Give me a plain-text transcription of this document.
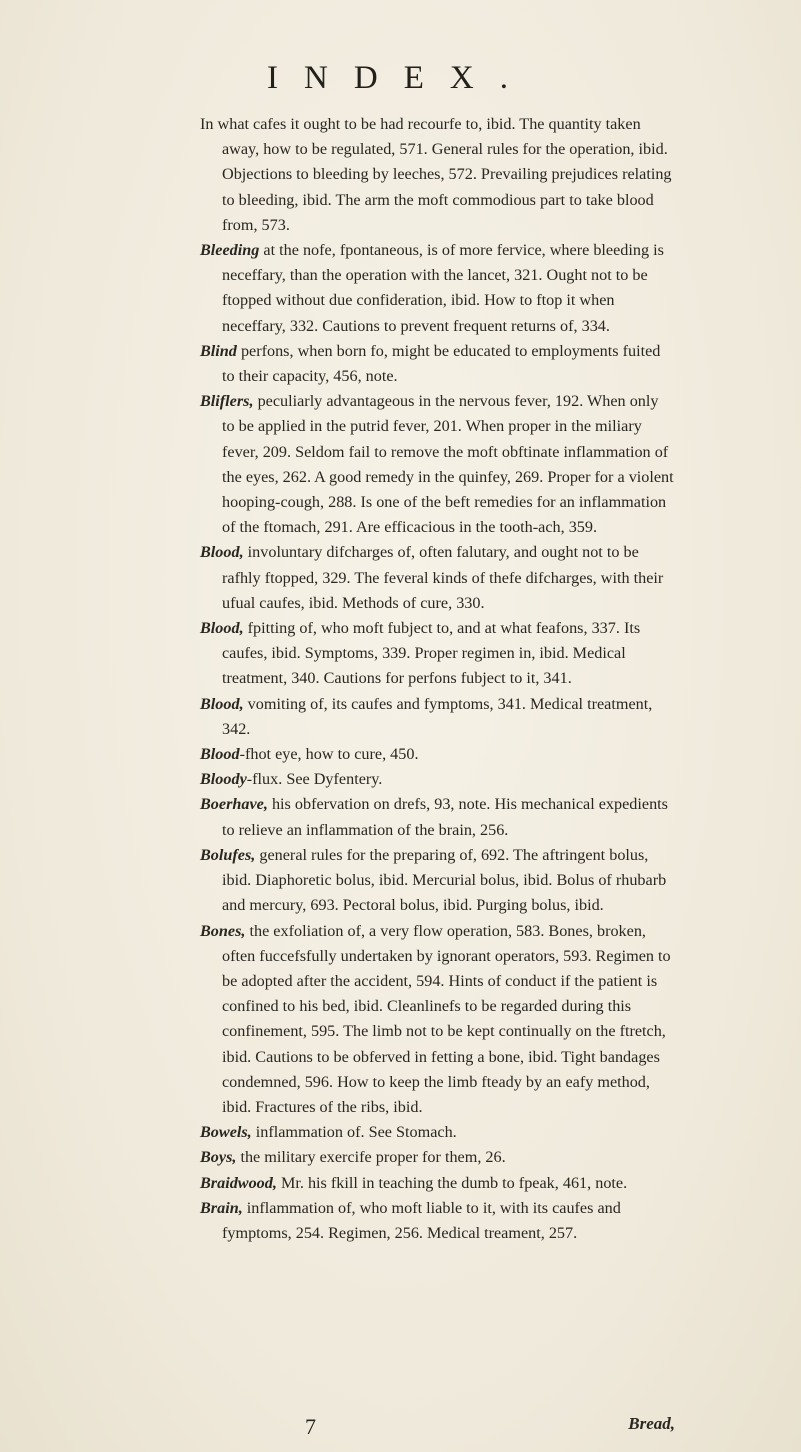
INDEX.
In what cafes it ought to be had recourfe to, ibid. The quantity taken away, how to be regulated, 571. General rules for the operation, ibid. Objections to bleeding by leeches, 572. Prevailing prejudices relating to bleeding, ibid. The arm the moft commodious part to take blood from, 573.
Bleeding at the nofe, fpontaneous, is of more fervice, where bleeding is neceffary, than the operation with the lancet, 321. Ought not to be ftopped without due confideration, ibid. How to ftop it when neceffary, 332. Cautions to prevent frequent returns of, 334.
Blind perfons, when born fo, might be educated to employments fuited to their capacity, 456, note.
Bliflers, peculiarly advantageous in the nervous fever, 192. When only to be applied in the putrid fever, 201. When proper in the miliary fever, 209. Seldom fail to remove the moft obftinate inflammation of the eyes, 262. A good remedy in the quinfey, 269. Proper for a violent hooping-cough, 288. Is one of the beft remedies for an inflammation of the ftomach, 291. Are efficacious in the tooth-ach, 359.
Blood, involuntary difcharges of, often falutary, and ought not to be rafhly ftopped, 329. The feveral kinds of thefe difcharges, with their ufual caufes, ibid. Methods of cure, 330.
Blood, fpitting of, who moft fubject to, and at what feafons, 337. Its caufes, ibid. Symptoms, 339. Proper regimen in, ibid. Medical treatment, 340. Cautions for perfons fubject to it, 341.
Blood, vomiting of, its caufes and fymptoms, 341. Medical treatment, 342.
Blood-fhot eye, how to cure, 450.
Bloody-flux. See Dyfentery.
Boerhave, his obfervation on drefs, 93, note. His mechanical expedients to relieve an inflammation of the brain, 256.
Bolufes, general rules for the preparing of, 692. The aftringent bolus, ibid. Diaphoretic bolus, ibid. Mercurial bolus, ibid. Bolus of rhubarb and mercury, 693. Pectoral bolus, ibid. Purging bolus, ibid.
Bones, the exfoliation of, a very flow operation, 583. Bones, broken, often fuccefsfully undertaken by ignorant operators, 593. Regimen to be adopted after the accident, 594. Hints of conduct if the patient is confined to his bed, ibid. Cleanlinefs to be regarded during this confinement, 595. The limb not to be kept continually on the ftretch, ibid. Cautions to be obferved in fetting a bone, ibid. Tight bandages condemned, 596. How to keep the limb fteady by an eafy method, ibid. Fractures of the ribs, ibid.
Bowels, inflammation of. See Stomach.
Boys, the military exercife proper for them, 26.
Braidwood, Mr. his fkill in teaching the dumb to fpeak, 461, note.
Brain, inflammation of, who moft liable to it, with its caufes and fymptoms, 254. Regimen, 256. Medical treament, 257.
7	Bread,
